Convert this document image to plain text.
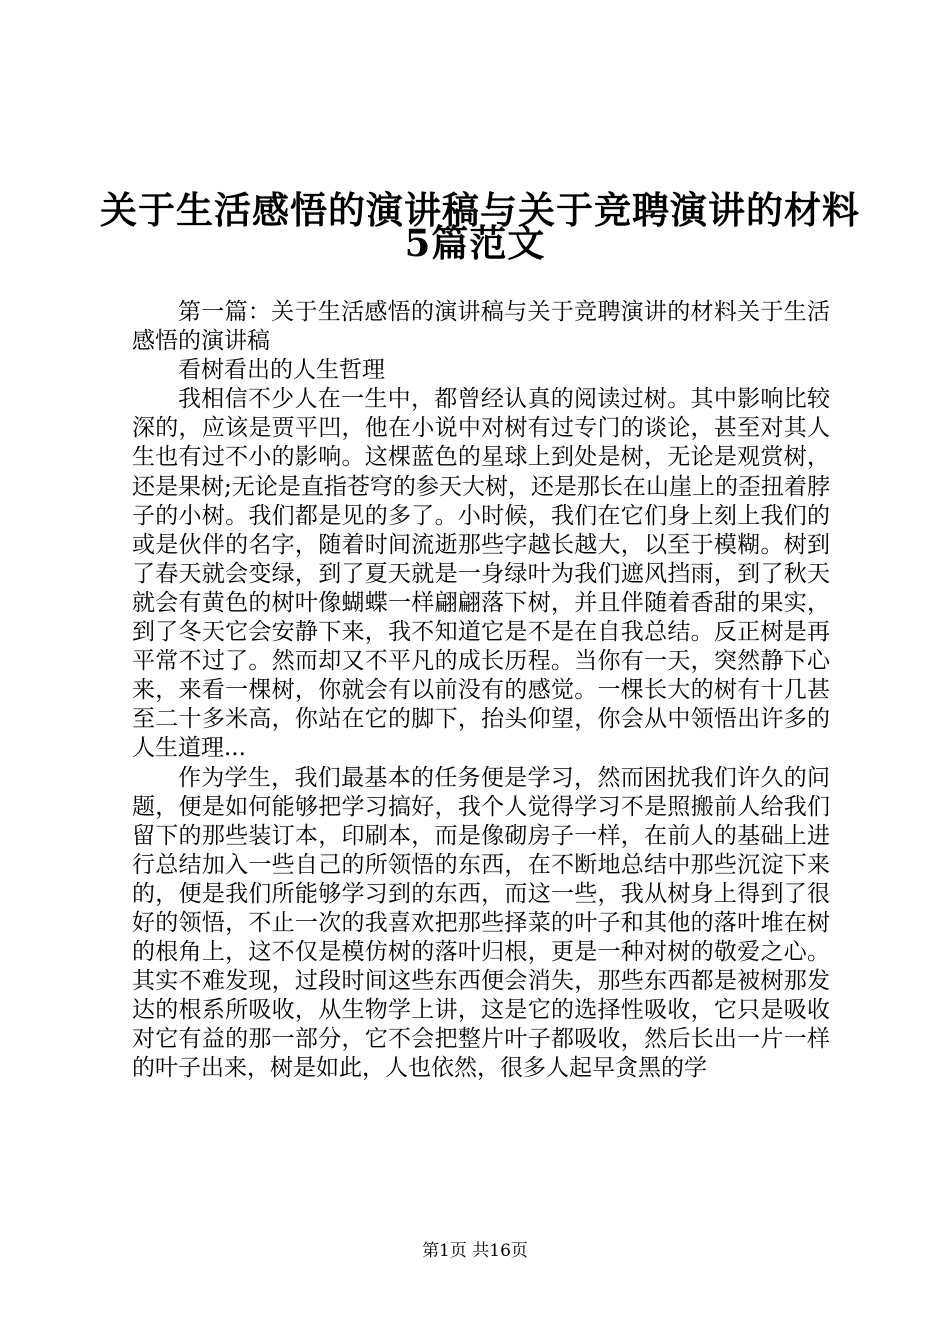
关于生活感悟的演讲稿与关于竞聘演讲的材料
5篇范文

第一篇：关于生活感悟的演讲稿与关于竞聘演讲的材料关于生活感悟的演讲稿

看树看出的人生哲理

我相信不少人在一生中，都曾经认真的阅读过树。其中影响比较深的，应该是贾平凹，他在小说中对树有过专门的谈论，甚至对其人生也有过不小的影响。这棵蓝色的星球上到处是树，无论是观赏树，还是果树;无论是直指苍穹的参天大树，还是那长在山崖上的歪扭着脖子的小树。我们都是见的多了。小时候，我们在它们身上刻上我们的或是伙伴的名字，随着时间流逝那些字越长越大，以至于模糊。树到了春天就会变绿，到了夏天就是一身绿叶为我们遮风挡雨，到了秋天就会有黄色的树叶像蝴蝶一样翩翩落下树，并且伴随着香甜的果实，到了冬天它会安静下来，我不知道它是不是在自我总结。反正树是再平常不过了。然而却又不平凡的成长历程。当你有一天，突然静下心来，来看一棵树，你就会有以前没有的感觉。一棵长大的树有十几甚至二十多米高，你站在它的脚下，抬头仰望，你会从中领悟出许多的人生道理...

作为学生，我们最基本的任务便是学习，然而困扰我们许久的问题，便是如何能够把学习搞好，我个人觉得学习不是照搬前人给我们留下的那些装订本，印刷本，而是像砌房子一样，在前人的基础上进行总结加入一些自己的所领悟的东西，在不断地总结中那些沉淀下来的，便是我们所能够学习到的东西，而这一些，我从树身上得到了很好的领悟，不止一次的我喜欢把那些择菜的叶子和其他的落叶堆在树的根角上，这不仅是模仿树的落叶归根，更是一种对树的敬爱之心。其实不难发现，过段时间这些东西便会消失，那些东西都是被树那发达的根系所吸收，从生物学上讲，这是它的选择性吸收，它只是吸收对它有益的那一部分，它不会把整片叶子都吸收，然后长出一片一样的叶子出来，树是如此，人也依然，很多人起早贪黑的学

第1页 共16页
